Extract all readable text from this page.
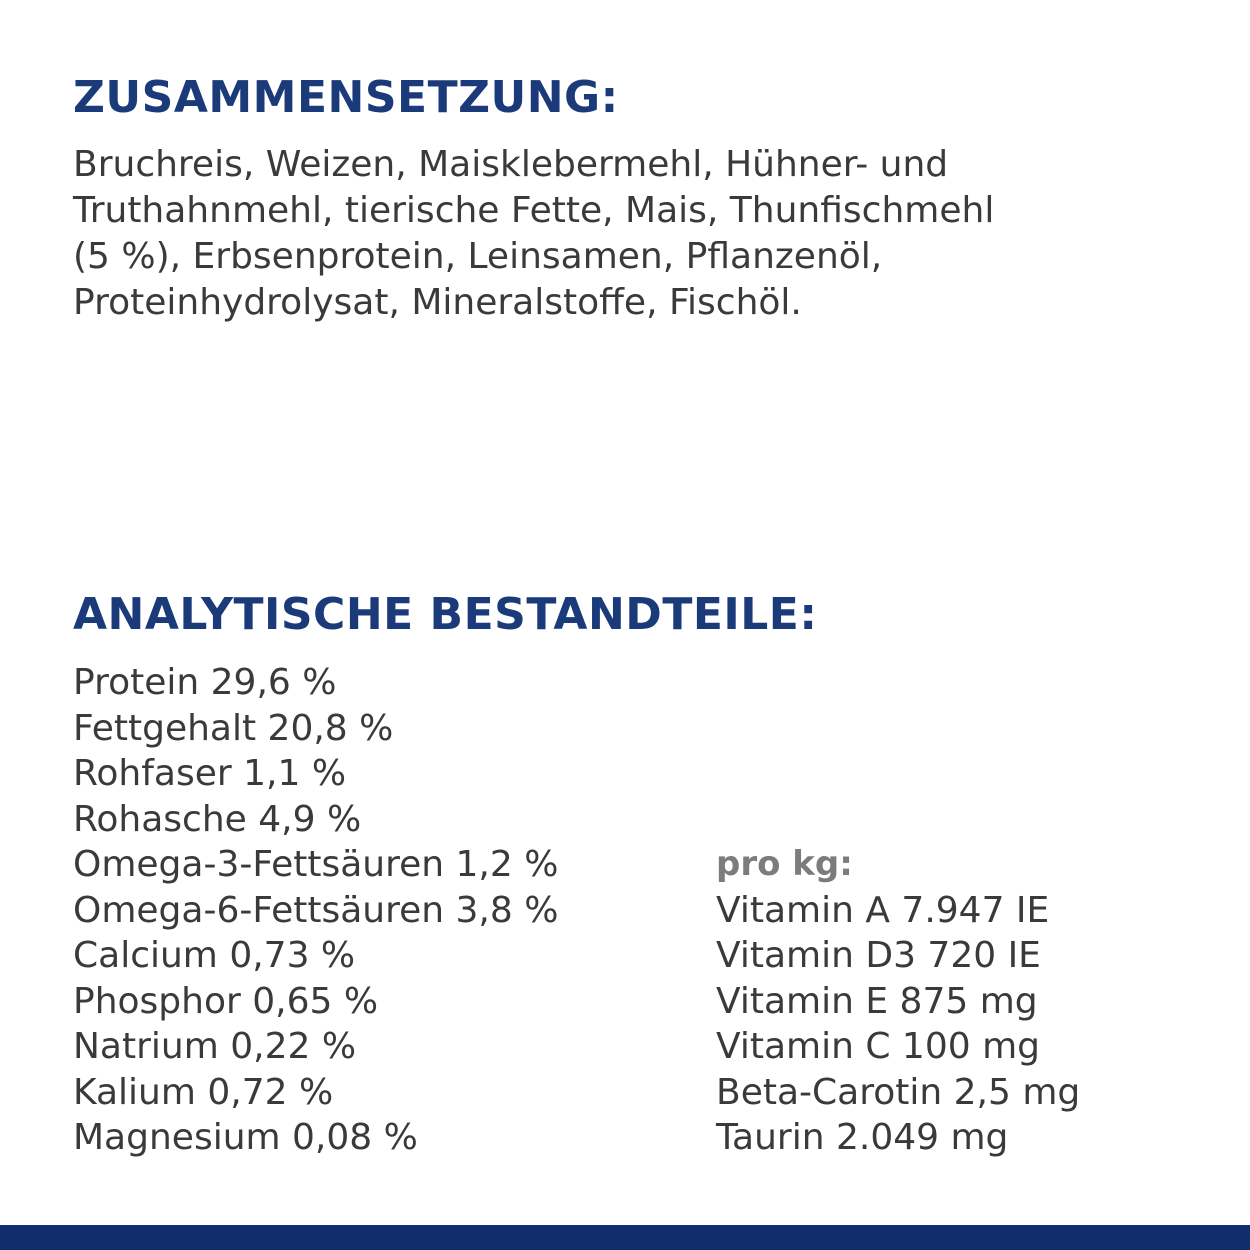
ZUSAMMENSETZUNG:

Bruchreis, Weizen, Maisklebermehl, Hühner- und
Truthahnmehl, tierische Fette, Mais, Thunfischmehl
(5 %), Erbsenprotein, Leinsamen, Pflanzenöl,
Proteinhydrolysat, Mineralstoffe, Fischöl.

ANALYTISCHE BESTANDTEILE:
Protein 29,6 %
Fettgehalt 20,8 %
Rohfaser 1,1 %
Rohasche 4,9 %
Omega-3-Fettsäuren 1,2 %
Omega-6-Fettsäuren 3,8 %
Calcium 0,73 %
Phosphor 0,65 %
Natrium 0,22 %
Kalium 0,72 %
Magnesium 0,08 %
pro kg:
Vitamin A 7.947 IE
Vitamin D3 720 IE
Vitamin E 875 mg
Vitamin C 100 mg
Beta-Carotin 2,5 mg
Taurin 2.049 mg
